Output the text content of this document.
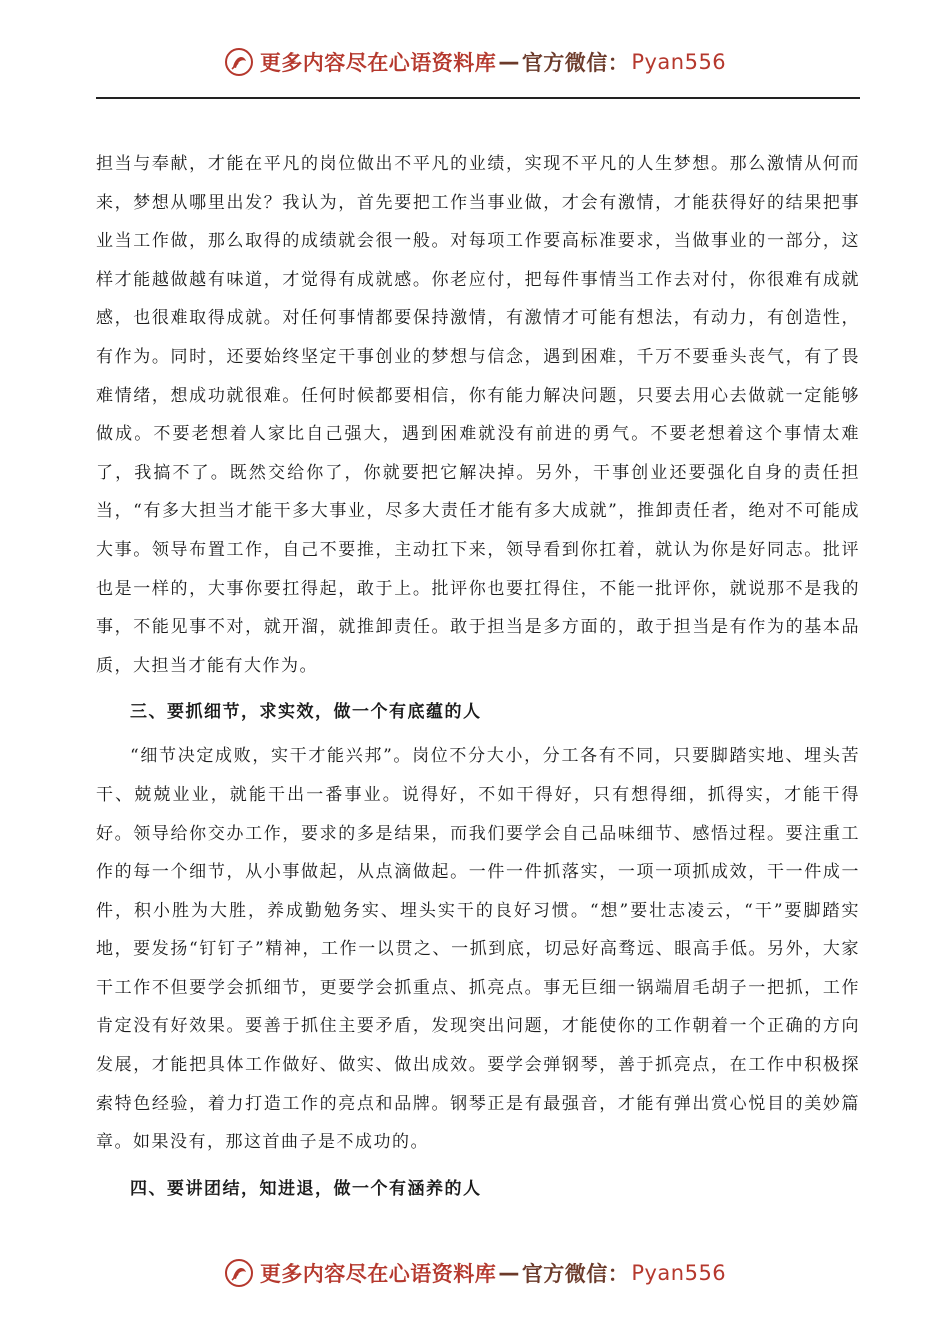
更多内容尽在心语资料库 — 官方微信： Pyan556

担当与奉献，才能在平凡的岗位做出不平凡的业绩，实现不平凡的人生梦想。那么激情从何而来，梦想从哪里出发？我认为，首先要把工作当事业做，才会有激情，才能获得好的结果把事业当工作做，那么取得的成绩就会很一般。对每项工作要高标准要求，当做事业的一部分，这样才能越做越有味道，才觉得有成就感。你老应付，把每件事情当工作去对付，你很难有成就感，也很难取得成就。对任何事情都要保持激情，有激情才可能有想法，有动力，有创造性，有作为。同时，还要始终坚定干事创业的梦想与信念，遇到困难，千万不要垂头丧气，有了畏难情绪，想成功就很难。任何时候都要相信，你有能力解决问题，只要去用心去做就一定能够做成。不要老想着人家比自己强大，遇到困难就没有前进的勇气。不要老想着这个事情太难了，我搞不了。既然交给你了，你就要把它解决掉。另外，干事创业还要强化自身的责任担当，“有多大担当才能干多大事业，尽多大责任才能有多大成就”，推卸责任者，绝对不可能成大事。领导布置工作，自己不要推，主动扛下来，领导看到你扛着，就认为你是好同志。批评也是一样的，大事你要扛得起，敢于上。批评你也要扛得住，不能一批评你，就说那不是我的事，不能见事不对，就开溜，就推卸责任。敢于担当是多方面的，敢于担当是有作为的基本品质，大担当才能有大作为。

三、要抓细节，求实效，做一个有底蕴的人

“细节决定成败，实干才能兴邦”。岗位不分大小，分工各有不同，只要脚踏实地、埋头苦干、兢兢业业，就能干出一番事业。说得好，不如干得好，只有想得细，抓得实，才能干得好。领导给你交办工作，要求的多是结果，而我们要学会自己品味细节、感悟过程。要注重工作的每一个细节，从小事做起，从点滴做起。一件一件抓落实，一项一项抓成效，干一件成一件，积小胜为大胜，养成勤勉务实、埋头实干的良好习惯。“想”要壮志凌云，“干”要脚踏实地，要发扬“钉钉子”精神，工作一以贯之、一抓到底，切忌好高骛远、眼高手低。另外，大家干工作不但要学会抓细节，更要学会抓重点、抓亮点。事无巨细一锅端眉毛胡子一把抓，工作肯定没有好效果。要善于抓住主要矛盾，发现突出问题，才能使你的工作朝着一个正确的方向发展，才能把具体工作做好、做实、做出成效。要学会弹钢琴，善于抓亮点，在工作中积极探索特色经验，着力打造工作的亮点和品牌。钢琴正是有最强音，才能有弹出赏心悦目的美妙篇章。如果没有，那这首曲子是不成功的。

四、要讲团结，知进退，做一个有涵养的人
更多内容尽在心语资料库 — 官方微信： Pyan556
